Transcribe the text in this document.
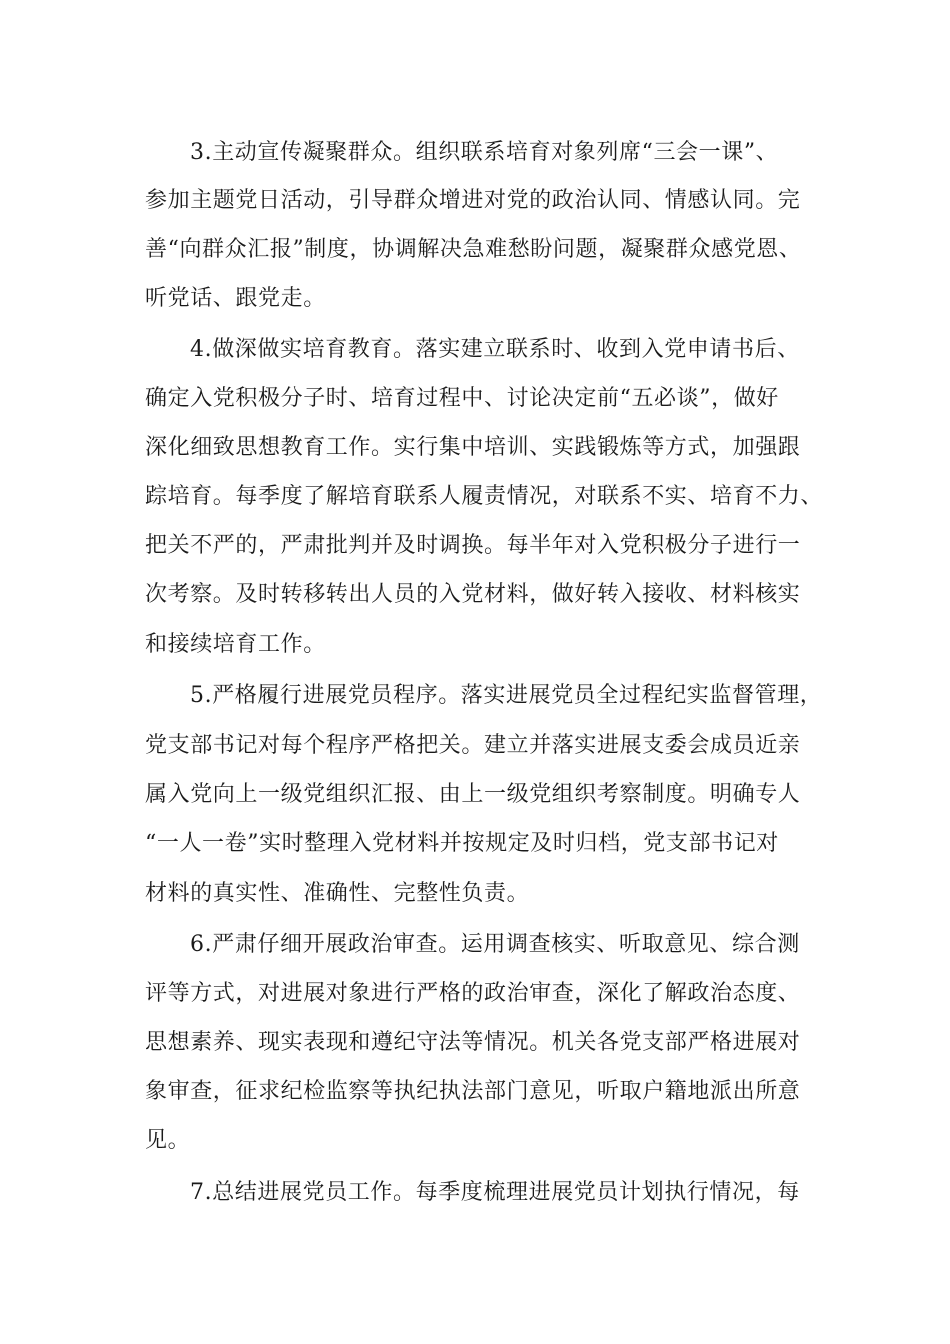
3.主动宣传凝聚群众。组织联系培育对象列席“三会一课”、
参加主题党日活动，引导群众增进对党的政治认同、情感认同。完
善“向群众汇报”制度，协调解决急难愁盼问题，凝聚群众感党恩、
听党话、跟党走。
4.做深做实培育教育。落实建立联系时、收到入党申请书后、
确定入党积极分子时、培育过程中、讨论决定前“五必谈”，做好
深化细致思想教育工作。实行集中培训、实践锻炼等方式，加强跟
踪培育。每季度了解培育联系人履责情况，对联系不实、培育不力、
把关不严的，严肃批判并及时调换。每半年对入党积极分子进行一
次考察。及时转移转出人员的入党材料，做好转入接收、材料核实
和接续培育工作。
5.严格履行进展党员程序。落实进展党员全过程纪实监督管理，
党支部书记对每个程序严格把关。建立并落实进展支委会成员近亲
属入党向上一级党组织汇报、由上一级党组织考察制度。明确专人
“一人一卷”实时整理入党材料并按规定及时归档，党支部书记对
材料的真实性、准确性、完整性负责。
6.严肃仔细开展政治审查。运用调查核实、听取意见、综合测
评等方式，对进展对象进行严格的政治审查，深化了解政治态度、
思想素养、现实表现和遵纪守法等情况。机关各党支部严格进展对
象审查，征求纪检监察等执纪执法部门意见，听取户籍地派出所意
见。
7.总结进展党员工作。每季度梳理进展党员计划执行情况，每
